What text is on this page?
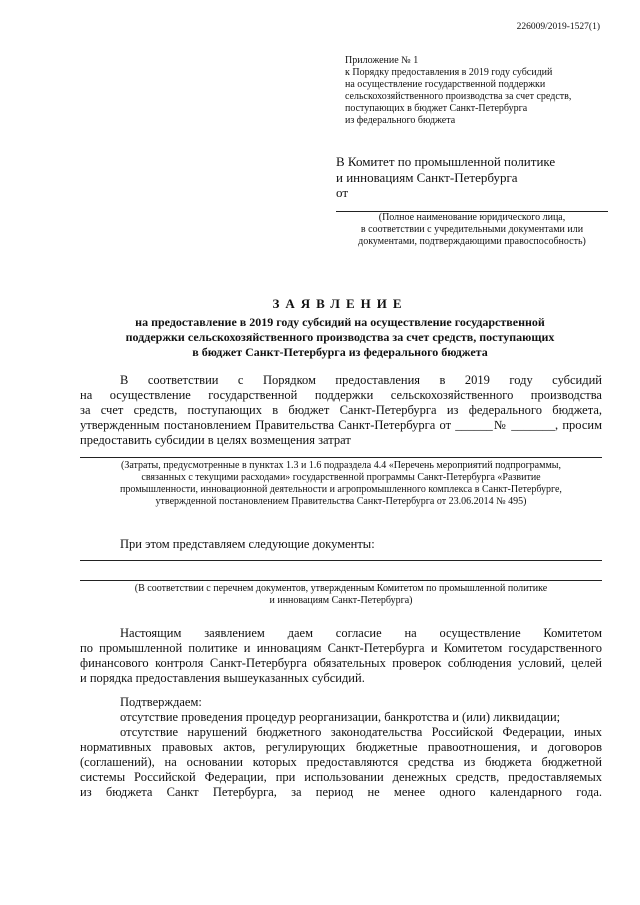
226009/2019-1527(1)
Приложение № 1
к Порядку предоставления в 2019 году субсидий
на осуществление государственной поддержки
сельскохозяйственного производства за счет средств,
поступающих в бюджет Санкт-Петербурга
из федерального бюджета
В Комитет по промышленной политике
и инновациям Санкт-Петербурга
от
(Полное наименование юридического лица,
в соответствии с учредительными документами или
документами, подтверждающими правоспособность)
ЗАЯВЛЕНИЕ
на предоставление в 2019 году субсидий на осуществление государственной
поддержки сельскохозяйственного производства за счет средств, поступающих
в бюджет Санкт-Петербурга из федерального бюджета
В соответствии с Порядком предоставления в 2019 году субсидий
на осуществление государственной поддержки сельскохозяйственного производства
за счет средств, поступающих в бюджет Санкт-Петербурга из федерального бюджета,
утвержденным постановлением Правительства Санкт-Петербурга от ______№ _______, просим
предоставить субсидии в целях возмещения затрат
(Затраты, предусмотренные в пунктах 1.3 и 1.6 подраздела 4.4 «Перечень мероприятий подпрограммы,
связанных с текущими расходами» государственной программы Санкт-Петербурга «Развитие
промышленности, инновационной деятельности и агропромышленного комплекса в Санкт-Петербурге,
утвержденной постановлением Правительства Санкт-Петербурга от 23.06.2014 № 495)
При этом представляем следующие документы:
(В соответствии с перечнем документов, утвержденным Комитетом по промышленной политике
и инновациям Санкт-Петербурга)
Настоящим заявлением даем согласие на осуществление Комитетом
по промышленной политике и инновациям Санкт-Петербурга и Комитетом государственного
финансового контроля Санкт-Петербурга обязательных проверок соблюдения условий, целей
и порядка предоставления вышеуказанных субсидий.
Подтверждаем:
отсутствие проведения процедур реорганизации, банкротства и (или) ликвидации;
отсутствие нарушений бюджетного законодательства Российской Федерации, иных
нормативных правовых актов, регулирующих бюджетные правоотношения, и договоров
(соглашений), на основании которых предоставляются средства из бюджета бюджетной
системы Российской Федерации, при использовании денежных средств, предоставляемых
из бюджета Санкт Петербурга, за период не менее одного календарного года.
